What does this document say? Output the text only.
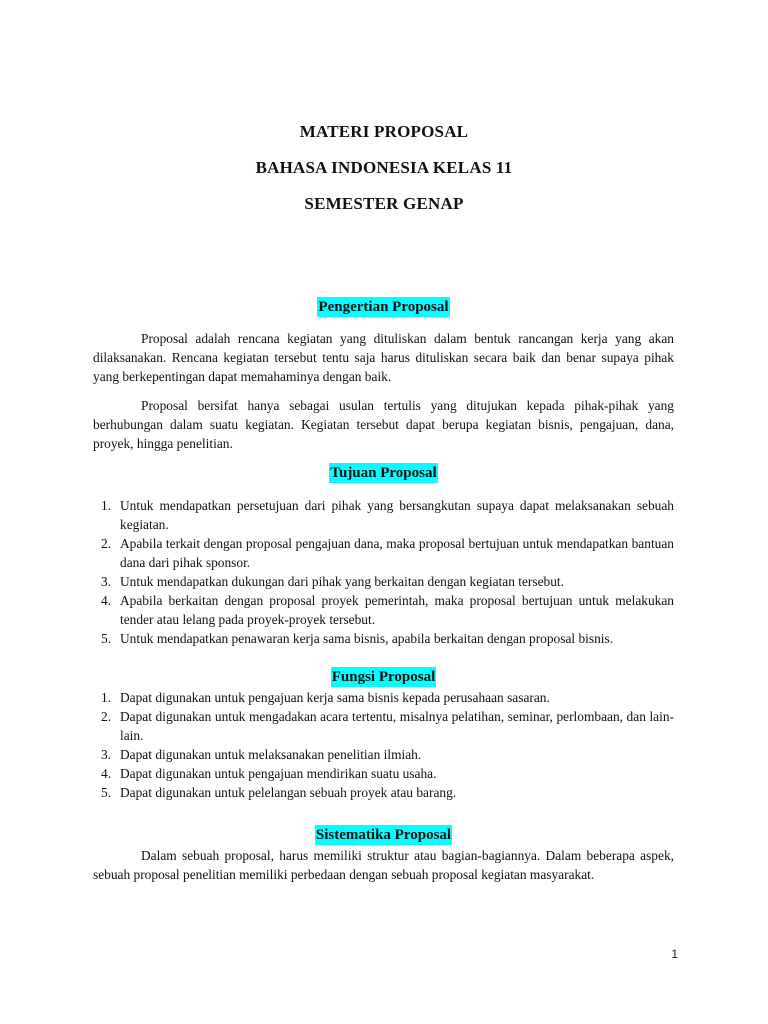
MATERI PROPOSAL
BAHASA INDONESIA KELAS 11
SEMESTER GENAP
Pengertian Proposal

Proposal adalah rencana kegiatan yang dituliskan dalam bentuk rancangan kerja yang akan dilaksanakan. Rencana kegiatan tersebut tentu saja harus dituliskan secara baik dan benar supaya pihak yang berkepentingan dapat memahaminya dengan baik.

Proposal bersifat hanya sebagai usulan tertulis yang ditujukan kepada pihak-pihak yang berhubungan dalam suatu kegiatan. Kegiatan tersebut dapat berupa kegiatan bisnis, pengajuan, dana, proyek, hingga penelitian.

Tujuan Proposal
1. Untuk mendapatkan persetujuan dari pihak yang bersangkutan supaya dapat melaksanakan sebuah kegiatan.
2. Apabila terkait dengan proposal pengajuan dana, maka proposal bertujuan untuk mendapatkan bantuan dana dari pihak sponsor.
3. Untuk mendapatkan dukungan dari pihak yang berkaitan dengan kegiatan tersebut.
4. Apabila berkaitan dengan proposal proyek pemerintah, maka proposal bertujuan untuk melakukan tender atau lelang pada proyek-proyek tersebut.
5. Untuk mendapatkan penawaran kerja sama bisnis, apabila berkaitan dengan proposal bisnis.
Fungsi Proposal
1. Dapat digunakan untuk pengajuan kerja sama bisnis kepada perusahaan sasaran.
2. Dapat digunakan untuk mengadakan acara tertentu, misalnya pelatihan, seminar, perlombaan, dan lain-lain.
3. Dapat digunakan untuk melaksanakan penelitian ilmiah.
4. Dapat digunakan untuk pengajuan mendirikan suatu usaha.
5. Dapat digunakan untuk pelelangan sebuah proyek atau barang.
Sistematika Proposal

Dalam sebuah proposal, harus memiliki struktur atau bagian-bagiannya. Dalam beberapa aspek, sebuah proposal penelitian memiliki perbedaan dengan sebuah proposal kegiatan masyarakat.

1
